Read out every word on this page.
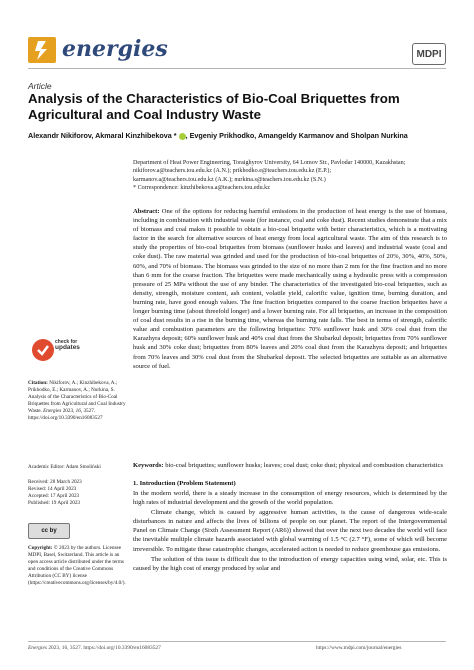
energies	MDPI
Article
Analysis of the Characteristics of Bio-Coal Briquettes from Agricultural and Coal Industry Waste
Alexandr Nikiforov, Akmaral Kinzhibekova * , Evgeniy Prikhodko, Amangeldy Karmanov and Sholpan Nurkina
Department of Heat Power Engineering, Toraighyrov University, 64 Lomov Str., Pavlodar 140000, Kazakhstan;
nikiforov.a@teachers.tou.edu.kz (A.N.); prikhodko.e@teachers.tou.edu.kz (E.P.);
karmanov.a@teachers.tou.edu.kz (A.K.); nurkina.s@teachers.tou.edu.kz (S.N.)
* Correspondence: kinzhibekova.a@teachers.tou.edu.kz
Abstract: One of the options for reducing harmful emissions in the production of heat energy is the use of biomass, including in combination with industrial waste (for instance, coal and coke dust). Recent studies demonstrate that a mix of biomass and coal makes it possible to obtain a bio-coal briquette with better characteristics, which is a motivating factor in the search for alternative sources of heat energy from local agricultural waste. The aim of this research is to study the properties of bio-coal briquettes from biomass (sunflower husks and leaves) and industrial waste (coal and coke dust). The raw material was grinded and used for the production of bio-coal briquettes of 20%, 30%, 40%, 50%, 60%, and 70% of biomass. The biomass was grinded to the size of no more than 2 mm for the fine fraction and no more than 6 mm for the coarse fraction. The briquettes were made mechanically using a hydraulic press with a compression pressure of 25 MPa without the use of any binder. The characteristics of the investigated bio-coal briquettes, such as density, strength, moisture content, ash content, volatile yield, calorific value, ignition time, burning duration, and burning rate, have good enough values. The fine fraction briquettes compared to the coarse fraction briquettes have a longer burning time (about threefold longer) and a lower burning rate. For all briquettes, an increase in the composition of coal dust results in a rise in the burning time, whereas the burning rate falls. The best in terms of strength, calorific value and combustion parameters are the following briquettes: 70% sunflower husk and 30% coal dust from the Karazhyra deposit; 60% sunflower husk and 40% coal dust from the Shubarkul deposit; briquettes from 70% sunflower husk and 30% coke dust; briquettes from 80% leaves and 20% coal dust from the Karazhyra deposit; and briquettes from 70% leaves and 30% coal dust from the Shubarkul deposit. The selected briquettes are suitable as an alternative source of fuel.
Keywords: bio-coal briquettes; sunflower husks; leaves; coal dust; coke dust; physical and combustion characteristics
1. Introduction (Problem Statement)

In the modern world, there is a steady increase in the consumption of energy resources, which is determined by the high rates of industrial development and the growth of the world population.

Climate change, which is caused by aggressive human activities, is the cause of dangerous wide-scale disturbances in nature and affects the lives of billions of people on our planet. The report of the Intergovernmental Panel on Climate Change (Sixth Assessment Report (AR6)) showed that over the next two decades the world will face the inevitable multiple climate hazards associated with global warming of 1.5 °C (2.7 °F), some of which will become irreversible. To mitigate these catastrophic changes, accelerated action is needed to reduce greenhouse gas emissions.

The solution of this issue is difficult due to the introduction of energy capacities using wind, solar, etc. This is caused by the high cost of energy produced by solar and

check for
updates
Citation: Nikiforov, A.; Kinzhibekova, A.; Prikhodko, E.; Karmanov, A.; Nurkina, S. Analysis of the Characteristics of Bio-Coal Briquettes from Agricultural and Coal Industry Waste. Energies 2023, 16, 3527. https://doi.org/10.3390/en16083527
Academic Editor: Adam Smoliński
Received: 28 March 2023
Revised: 14 April 2023
Accepted: 17 April 2023
Published: 19 April 2023
cc by
Copyright: © 2023 by the authors. Licensee MDPI, Basel, Switzerland. This article is an open access article distributed under the terms and conditions of the Creative Commons Attribution (CC BY) license (https://creativecommons.org/licenses/by/4.0/).
Energies 2023, 16, 3527. https://doi.org/10.3390/en16083527	https://www.mdpi.com/journal/energies
